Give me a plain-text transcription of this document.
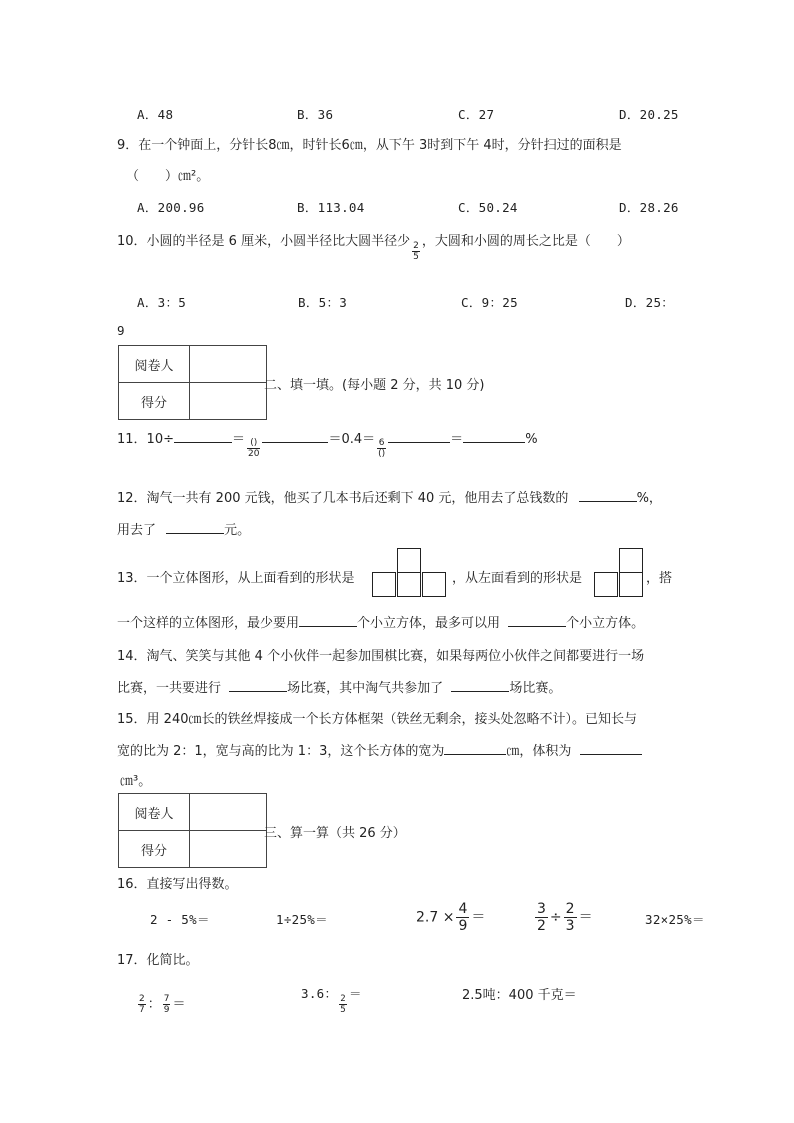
A．48	B．36	C．27	D．20.25
9．在一个钟面上，分针长8㎝，时针长6㎝，从下午 3时到下午 4时，分针扫过的面积是
（　　）㎝²。
A．200.96	B．113.04	C．50.24	D．28.26
10．小圆的半径是 6 厘米，小圆半径比大圆半径少 $\frac{2}{5}$ ，大圆和小圆的周长之比是（　　）
A．3：5	B．5：3	C．9：25	D．25：
9
阅卷人	
得分	
二、填一填。(每小题 2 分，共 10 分)
11．10÷	＝ $\frac{()}{20}$	$=0.4= \frac{6}{()}$	＝	%
12．淘气一共有 200 元钱，他买了几本书后还剩下 40 元，他用去了总钱数的	%，
用去了	元。
13．一个立体图形，从上面看到的形状是	，从左面看到的形状是	，搭
一个这样的立体图形，最少要用	个小立方体，最多可以用	个小立方体。
14．淘气、笑笑与其他 4 个小伙伴一起参加围棋比赛，如果每两位小伙伴之间都要进行一场
比赛，一共要进行	场比赛，其中淘气共参加了	场比赛。
15．用 240㎝长的铁丝焊接成一个长方体框架（铁丝无剩余，接头处忽略不计）。已知长与
宽的比为 2：1，宽与高的比为 1：3，这个长方体的宽为	㎝，体积为
㎝³。
阅卷人	
得分	
三、算一算（共 26 分）
16．直接写出得数。
2 - 5%＝	1÷25%＝	$2.7 \times \frac{4}{9}$ ＝	$\frac{3}{2} \div \frac{2}{3}$ ＝	32×25%＝
17．化简比。
$\frac{2}{7}$ ： $\frac{7}{9}$ ＝
3.6：
$\frac{2}{5}$
＝	2.5吨：400 千克＝
